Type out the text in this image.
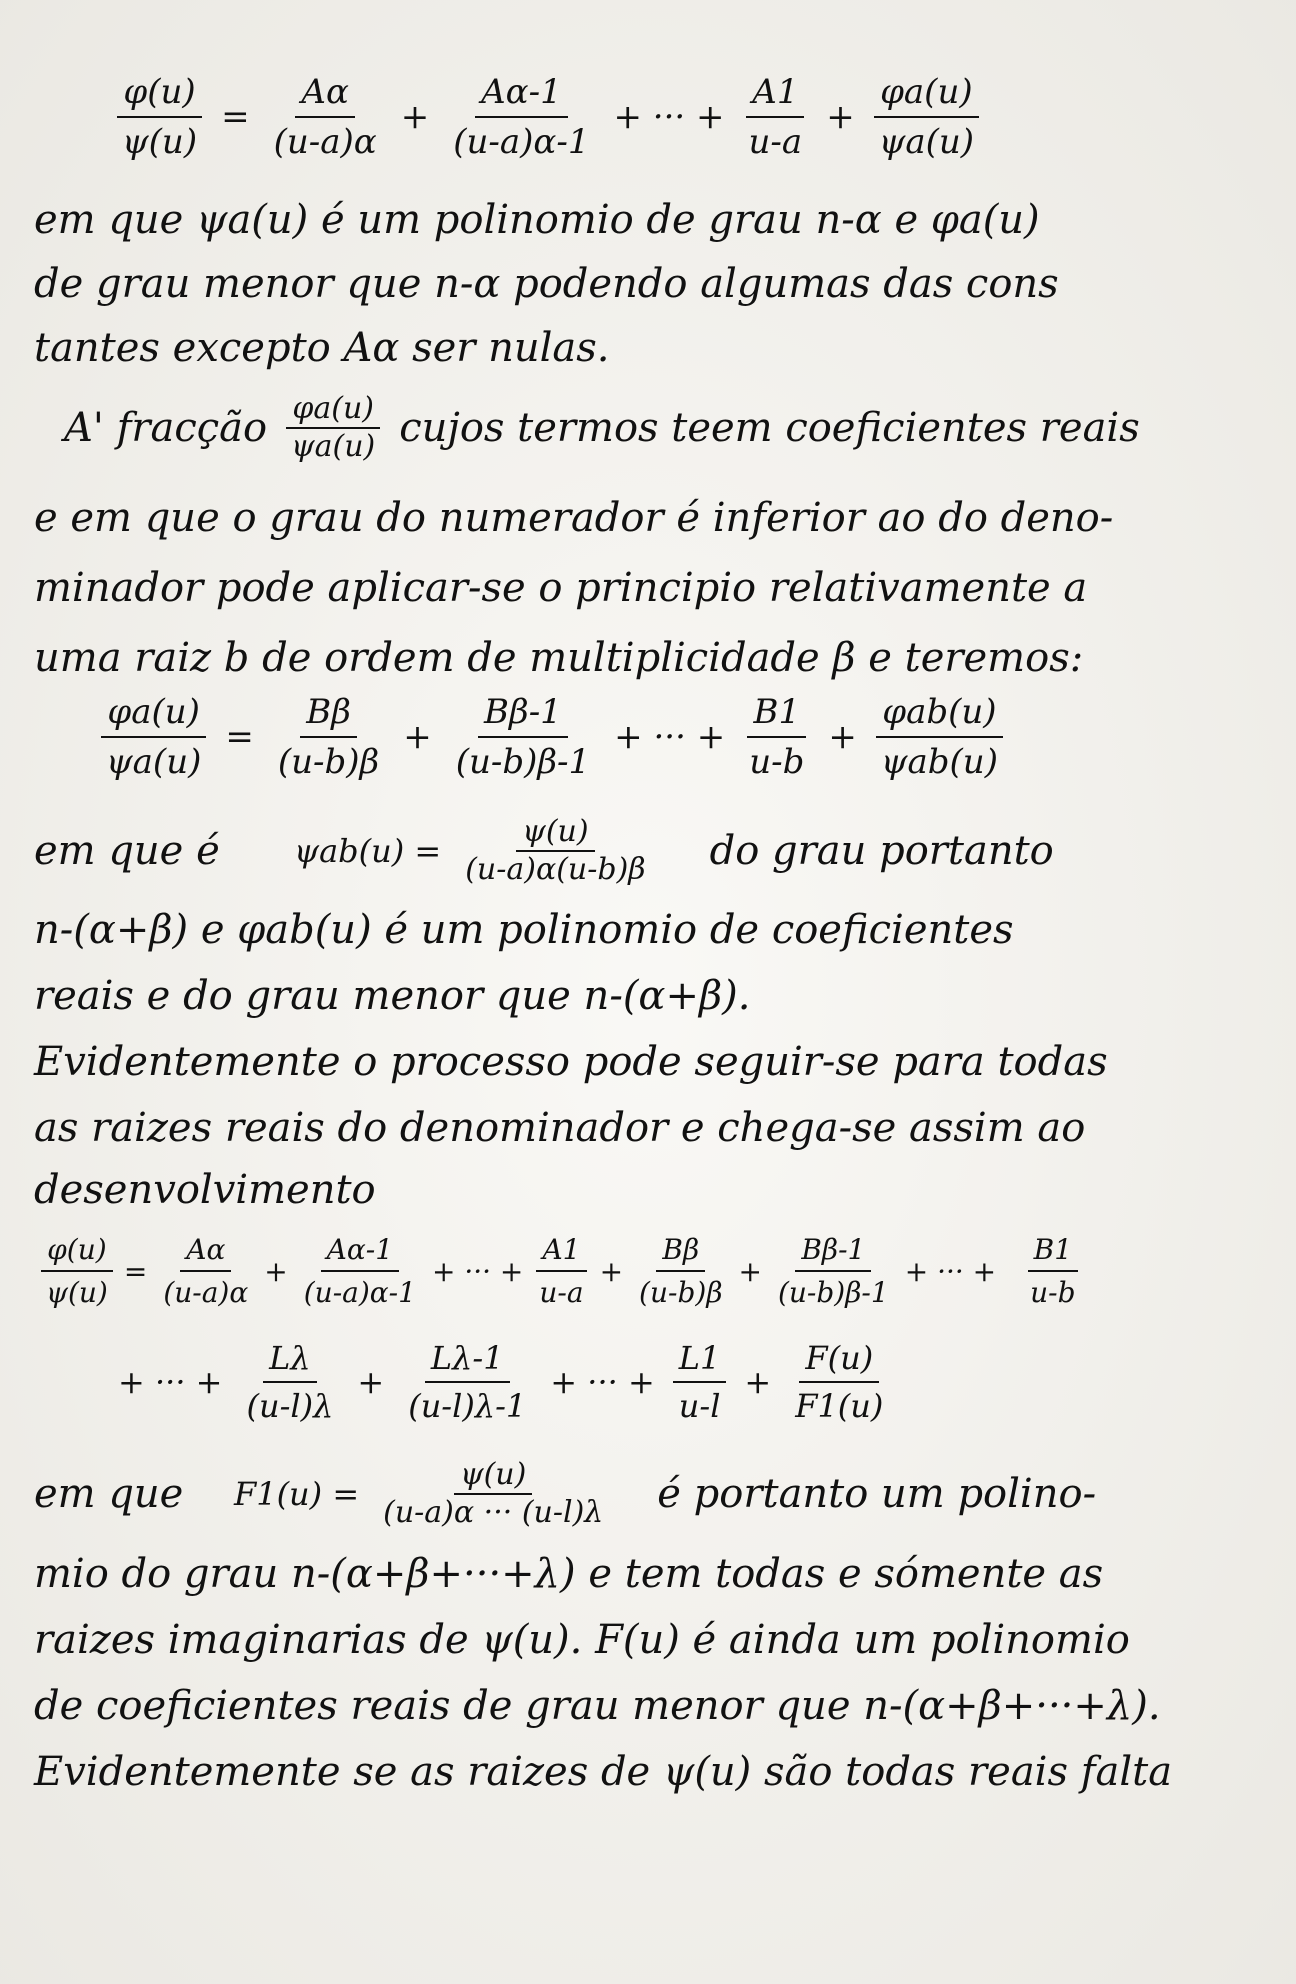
$\frac{\varphi(u)}{\psi(u)} = \frac{A\alpha}{(u-a)\alpha} + \frac{A\alpha-1}{(u-a)\alpha-1}$ + ··· + $\frac{A1}{u-a} + \frac{\varphi a(u)}{\psi a(u)}$

em que ψa(u) é um polinomio de grau n-α e φa(u)

de grau menor que n-α podendo algumas das cons

tantes excepto Aα ser nulas.

A' fracção $\frac{\varphi a(u)}{\psi a(u)}$ cujos termos teem coeficientes reais

e em que o grau do numerador é inferior ao do deno-

minador pode aplicar-se o principio relativamente a

uma raiz b de ordem de multiplicidade β e teremos:

$\frac{\varphi a(u)}{\psi a(u)} = \frac{B\beta}{(u-b)\beta} + \frac{B\beta-1}{(u-b)\beta-1}$ + ··· + $\frac{B1}{u-b} + \frac{\text{φab(u)}}{\text{ψab(u)}}$
em que é	$\psi ab(u) = \frac{\psi(u)}{(u-a)\alpha(u-b)\beta}$ do grau portanto

n-(α+β) e φab(u) é um polinomio de coeficientes

reais e do grau menor que n-(α+β).

Evidentemente o processo pode seguir-se para todas

as raizes reais do denominador e chega-se assim ao

desenvolvimento

$\frac{\varphi(u)}{\psi(u)} = \frac{A\alpha}{(u-a)\alpha} + \frac{A\alpha-1}{(u-a)\alpha-1}$ + ··· + $\frac{A1}{u-a} + \frac{B\beta}{(u-b)\beta} + \frac{B\beta-1}{(u-b)\beta-1}$ + ··· + $\frac{B1}{u-b}$
+ ··· + $\frac{L\lambda}{(u-l)\lambda} + \frac{L\lambda-1}{(u-l)\lambda-1}$ + ··· + $\frac{L1}{u-l} + \frac{F(u)}{F1(u)}$
em que	$F1(u) = \frac{\psi(u)}{(u-a)\alpha \cdot\cdot\cdot (u-l)\lambda}$ é portanto um polino-

mio do grau n-(α+β+···+λ) e tem todas e sómente as

raizes imaginarias de ψ(u). F(u) é ainda um polinomio

de coeficientes reais de grau menor que n-(α+β+···+λ).

Evidentemente se as raizes de ψ(u) são todas reais falta
